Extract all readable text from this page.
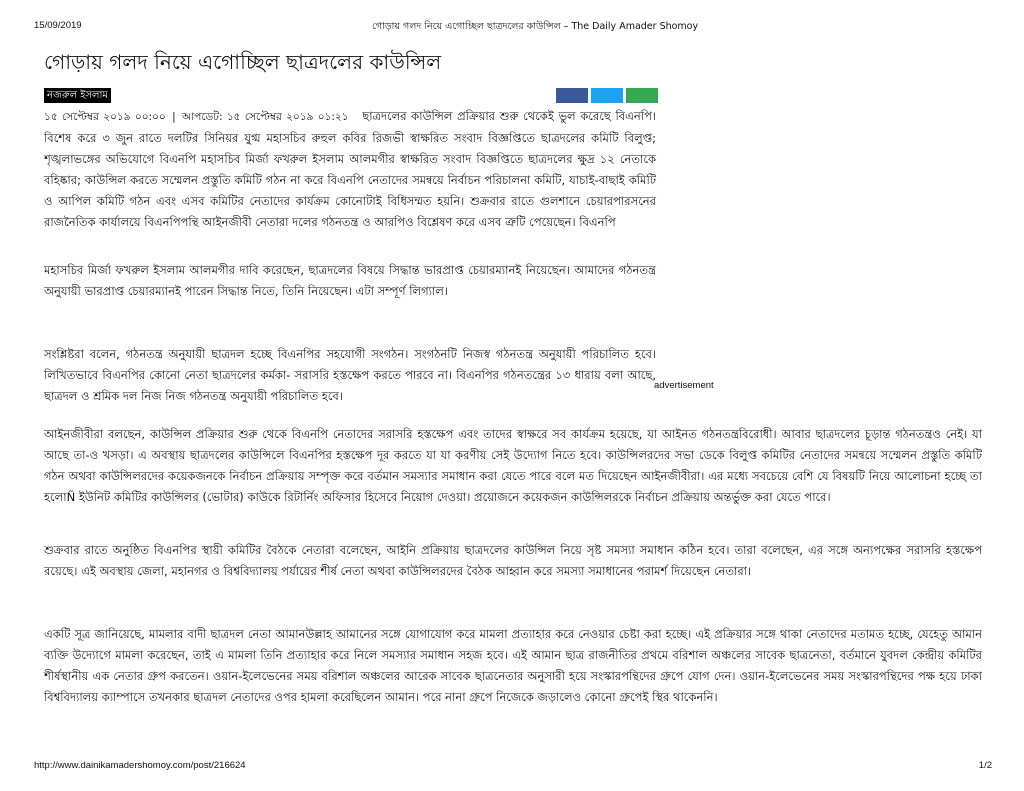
15/09/2019	গোড়ায় গলদ নিয়ে এগোচ্ছিল ছাত্রদলের কাউন্সিল – The Daily Amader Shomoy
গোড়ায় গলদ নিয়ে এগোচ্ছিল ছাত্রদলের কাউন্সিল
নজরুল ইসলাম

১৫ সেপ্টেম্বর ২০১৯ ০০:০০ | আপডেট: ১৫ সেপ্টেম্বর ২০১৯ ০১:২১ ছাত্রদলের কাউন্সিল প্রক্রিয়ার শুরু থেকেই ভুল করেছে বিএনপি। বিশেষ করে ৩ জুন রাতে দলটির সিনিয়র যুগ্ম মহাসচিব রুহুল কবির রিজভী স্বাক্ষরিত সংবাদ বিজ্ঞপ্তিতে ছাত্রদলের কমিটি বিলুপ্ত; শৃঙ্খলাভঙ্গের অভিযোগে বিএনপি মহাসচিব মির্জা ফখরুল ইসলাম আলমগীর স্বাক্ষরিত সংবাদ বিজ্ঞপ্তিতে ছাত্রদলের ক্ষুদ্র ১২ নেতাকে বহিষ্কার; কাউন্সিল করতে সম্মেলন প্রস্তুতি কমিটি গঠন না করে বিএনপি নেতাদের সমন্বয়ে নির্বাচন পরিচালনা কমিটি, যাচাই-বাছাই কমিটি ও আপিল কমিটি গঠন এবং এসব কমিটির নেতাদের কার্যক্রম কোনোটাই বিধিসম্মত হয়নি। শুক্রবার রাতে গুলশানে চেয়ারপারসনের রাজনৈতিক কার্যালয়ে বিএনপিপন্থি আইনজীবী নেতারা দলের গঠনতন্ত্র ও আরপিও বিশ্লেষণ করে এসব ত্রুটি পেয়েছেন। বিএনপি

মহাসচিব মির্জা ফখরুল ইসলাম আলমগীর দাবি করেছেন, ছাত্রদলের বিষয়ে সিদ্ধান্ত ভারপ্রাপ্ত চেয়ারম্যানই নিয়েছেন। আমাদের গঠনতন্ত্র অনুযায়ী ভারপ্রাপ্ত চেয়ারম্যানই পারেন সিদ্ধান্ত নিতে, তিনি নিয়েছেন। এটা সম্পূর্ণ লিগ্যাল।

সংশ্লিষ্টরা বলেন, গঠনতন্ত্র অনুযায়ী ছাত্রদল হচ্ছে বিএনপির সহযোগী সংগঠন। সংগঠনটি নিজস্ব গঠনতন্ত্র অনুযায়ী পরিচালিত হবে। লিখিতভাবে বিএনপির কোনো নেতা ছাত্রদলের কর্মকা- সরাসরি হস্তক্ষেপ করতে পারবে না। বিএনপির গঠনতন্ত্রের ১৩ ধারায় বলা আছে, ছাত্রদল ও শ্রমিক দল নিজ নিজ গঠনতন্ত্র অনুযায়ী পরিচালিত হবে।

advertisement

আইনজীবীরা বলছেন, কাউন্সিল প্রক্রিয়ার শুরু থেকে বিএনপি নেতাদের সরাসরি হস্তক্ষেপ এবং তাদের স্বাক্ষরে সব কার্যক্রম হয়েছে, যা আইনত গঠনতন্ত্রবিরোধী। আবার ছাত্রদলের চূড়ান্ত গঠনতন্ত্রও নেই। যা আছে তা-ও খসড়া। এ অবস্থায় ছাত্রদলের কাউন্সিলে বিএনপির হস্তক্ষেপ দূর করতে যা যা করণীয় সেই উদ্যোগ নিতে হবে। কাউন্সিলরদের সভা ডেকে বিলুপ্ত কমিটির নেতাদের সমন্বয়ে সম্মেলন প্রস্তুতি কমিটি গঠন অথবা কাউন্সিলরদের কয়েকজনকে নির্বাচন প্রক্রিয়ায় সম্পৃক্ত করে বর্তমান সমস্যার সমাধান করা যেতে পারে বলে মত দিয়েছেন আইনজীবীরা। এর মধ্যে সবচেয়ে বেশি যে বিষয়টি নিয়ে আলোচনা হচ্ছে তা হলোÑ ইউনিট কমিটির কাউন্সিলর (ভোটার) কাউকে রিটার্নিং অফিসার হিসেবে নিয়োগ দেওয়া। প্রয়োজনে কয়েকজন কাউন্সিলরকে নির্বাচন প্রক্রিয়ায় অন্তর্ভুক্ত করা যেতে পারে।

শুক্রবার রাতে অনুষ্ঠিত বিএনপির স্থায়ী কমিটির বৈঠকে নেতারা বলেছেন, আইনি প্রক্রিয়ায় ছাত্রদলের কাউন্সিল নিয়ে সৃষ্ট সমস্যা সমাধান কঠিন হবে। তারা বলেছেন, এর সঙ্গে অন্যপক্ষের সরাসরি হস্তক্ষেপ রয়েছে। এই অবস্থায় জেলা, মহানগর ও বিশ্ববিদ্যালয় পর্যায়ের শীর্ষ নেতা অথবা কাউন্সিলরদের বৈঠক আহ্বান করে সমস্যা সমাধানের পরামর্শ দিয়েছেন নেতারা।

একটি সূত্র জানিয়েছে, মামলার বাদী ছাত্রদল নেতা আমানউল্লাহ আমানের সঙ্গে যোগাযোগ করে মামলা প্রত্যাহার করে নেওয়ার চেষ্টা করা হচ্ছে। এই প্রক্রিয়ার সঙ্গে থাকা নেতাদের মতামত হচ্ছে, যেহেতু আমান ব্যক্তি উদ্যোগে মামলা করেছেন, তাই এ মামলা তিনি প্রত্যাহার করে নিলে সমস্যার সমাধান সহজ হবে। এই আমান ছাত্র রাজনীতির প্রথমে বরিশাল অঞ্চলের সাবেক ছাত্রনেতা, বর্তমানে যুবদল কেন্দ্রীয় কমিটির শীর্ষস্থানীয় এক নেতার গ্রুপ করতেন। ওয়ান-ইলেভেনের সময় বরিশাল অঞ্চলের আরেক সাবেক ছাত্রনেতার অনুসারী হয়ে সংস্কারপন্থিদের গ্রুপে যোগ দেন। ওয়ান-ইলেভেনের সময় সংস্কারপন্থিদের পক্ষ হয়ে ঢাকা বিশ্ববিদ্যালয় ক্যাম্পাসে তখনকার ছাত্রদল নেতাদের ওপর হামলা করেছিলেন আমান। পরে নানা গ্রুপে নিজেকে জড়ালেও কোনো গ্রুপেই স্থির থাকেননি।

http://www.dainikamadershomoy.com/post/216624	1/2
